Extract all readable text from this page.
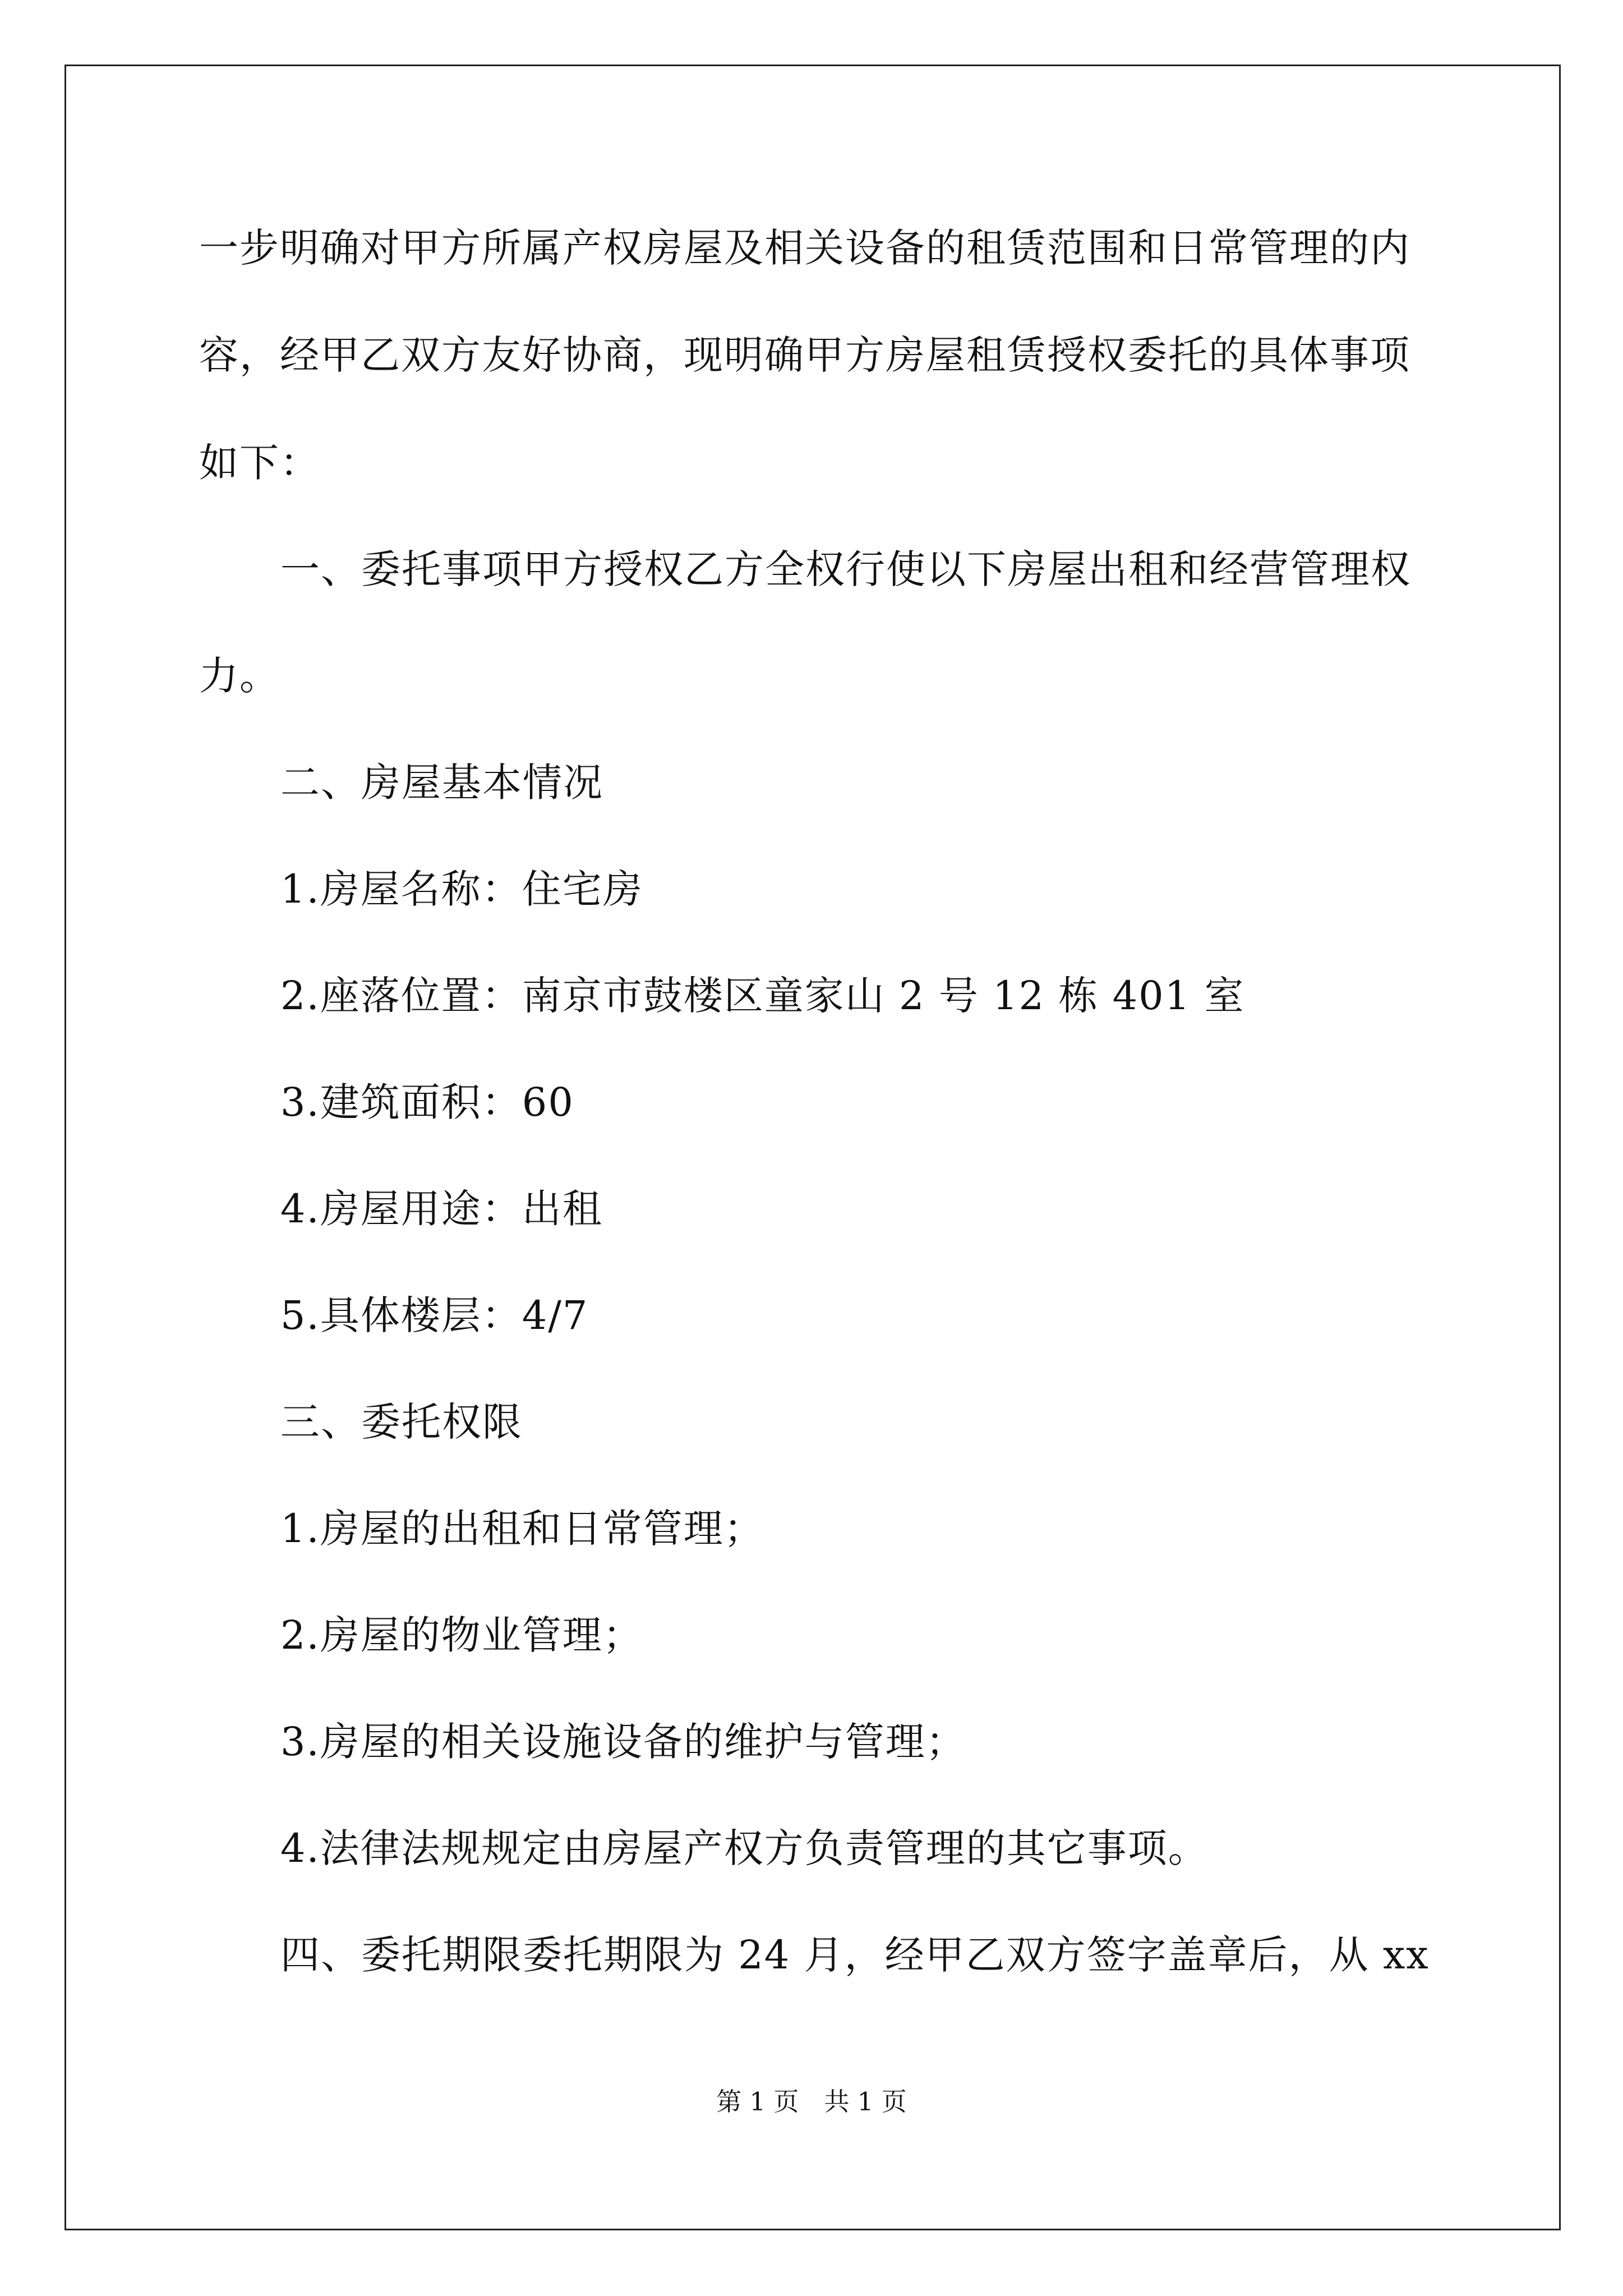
一步明确对甲方所属产权房屋及相关设备的租赁范围和日常管理的内
容，经甲乙双方友好协商，现明确甲方房屋租赁授权委托的具体事项
如下：
一、委托事项甲方授权乙方全权行使以下房屋出租和经营管理权
力。
二、房屋基本情况
1.房屋名称：住宅房
2.座落位置：南京市鼓楼区童家山 2 号 12 栋 401 室
3.建筑面积：60
4.房屋用途：出租
5.具体楼层：4/7
三、委托权限
1.房屋的出租和日常管理；
2.房屋的物业管理；
3.房屋的相关设施设备的维护与管理；
4.法律法规规定由房屋产权方负责管理的其它事项。
四、委托期限委托期限为 24 月，经甲乙双方签字盖章后，从 xx
第 1 页　共 1 页
